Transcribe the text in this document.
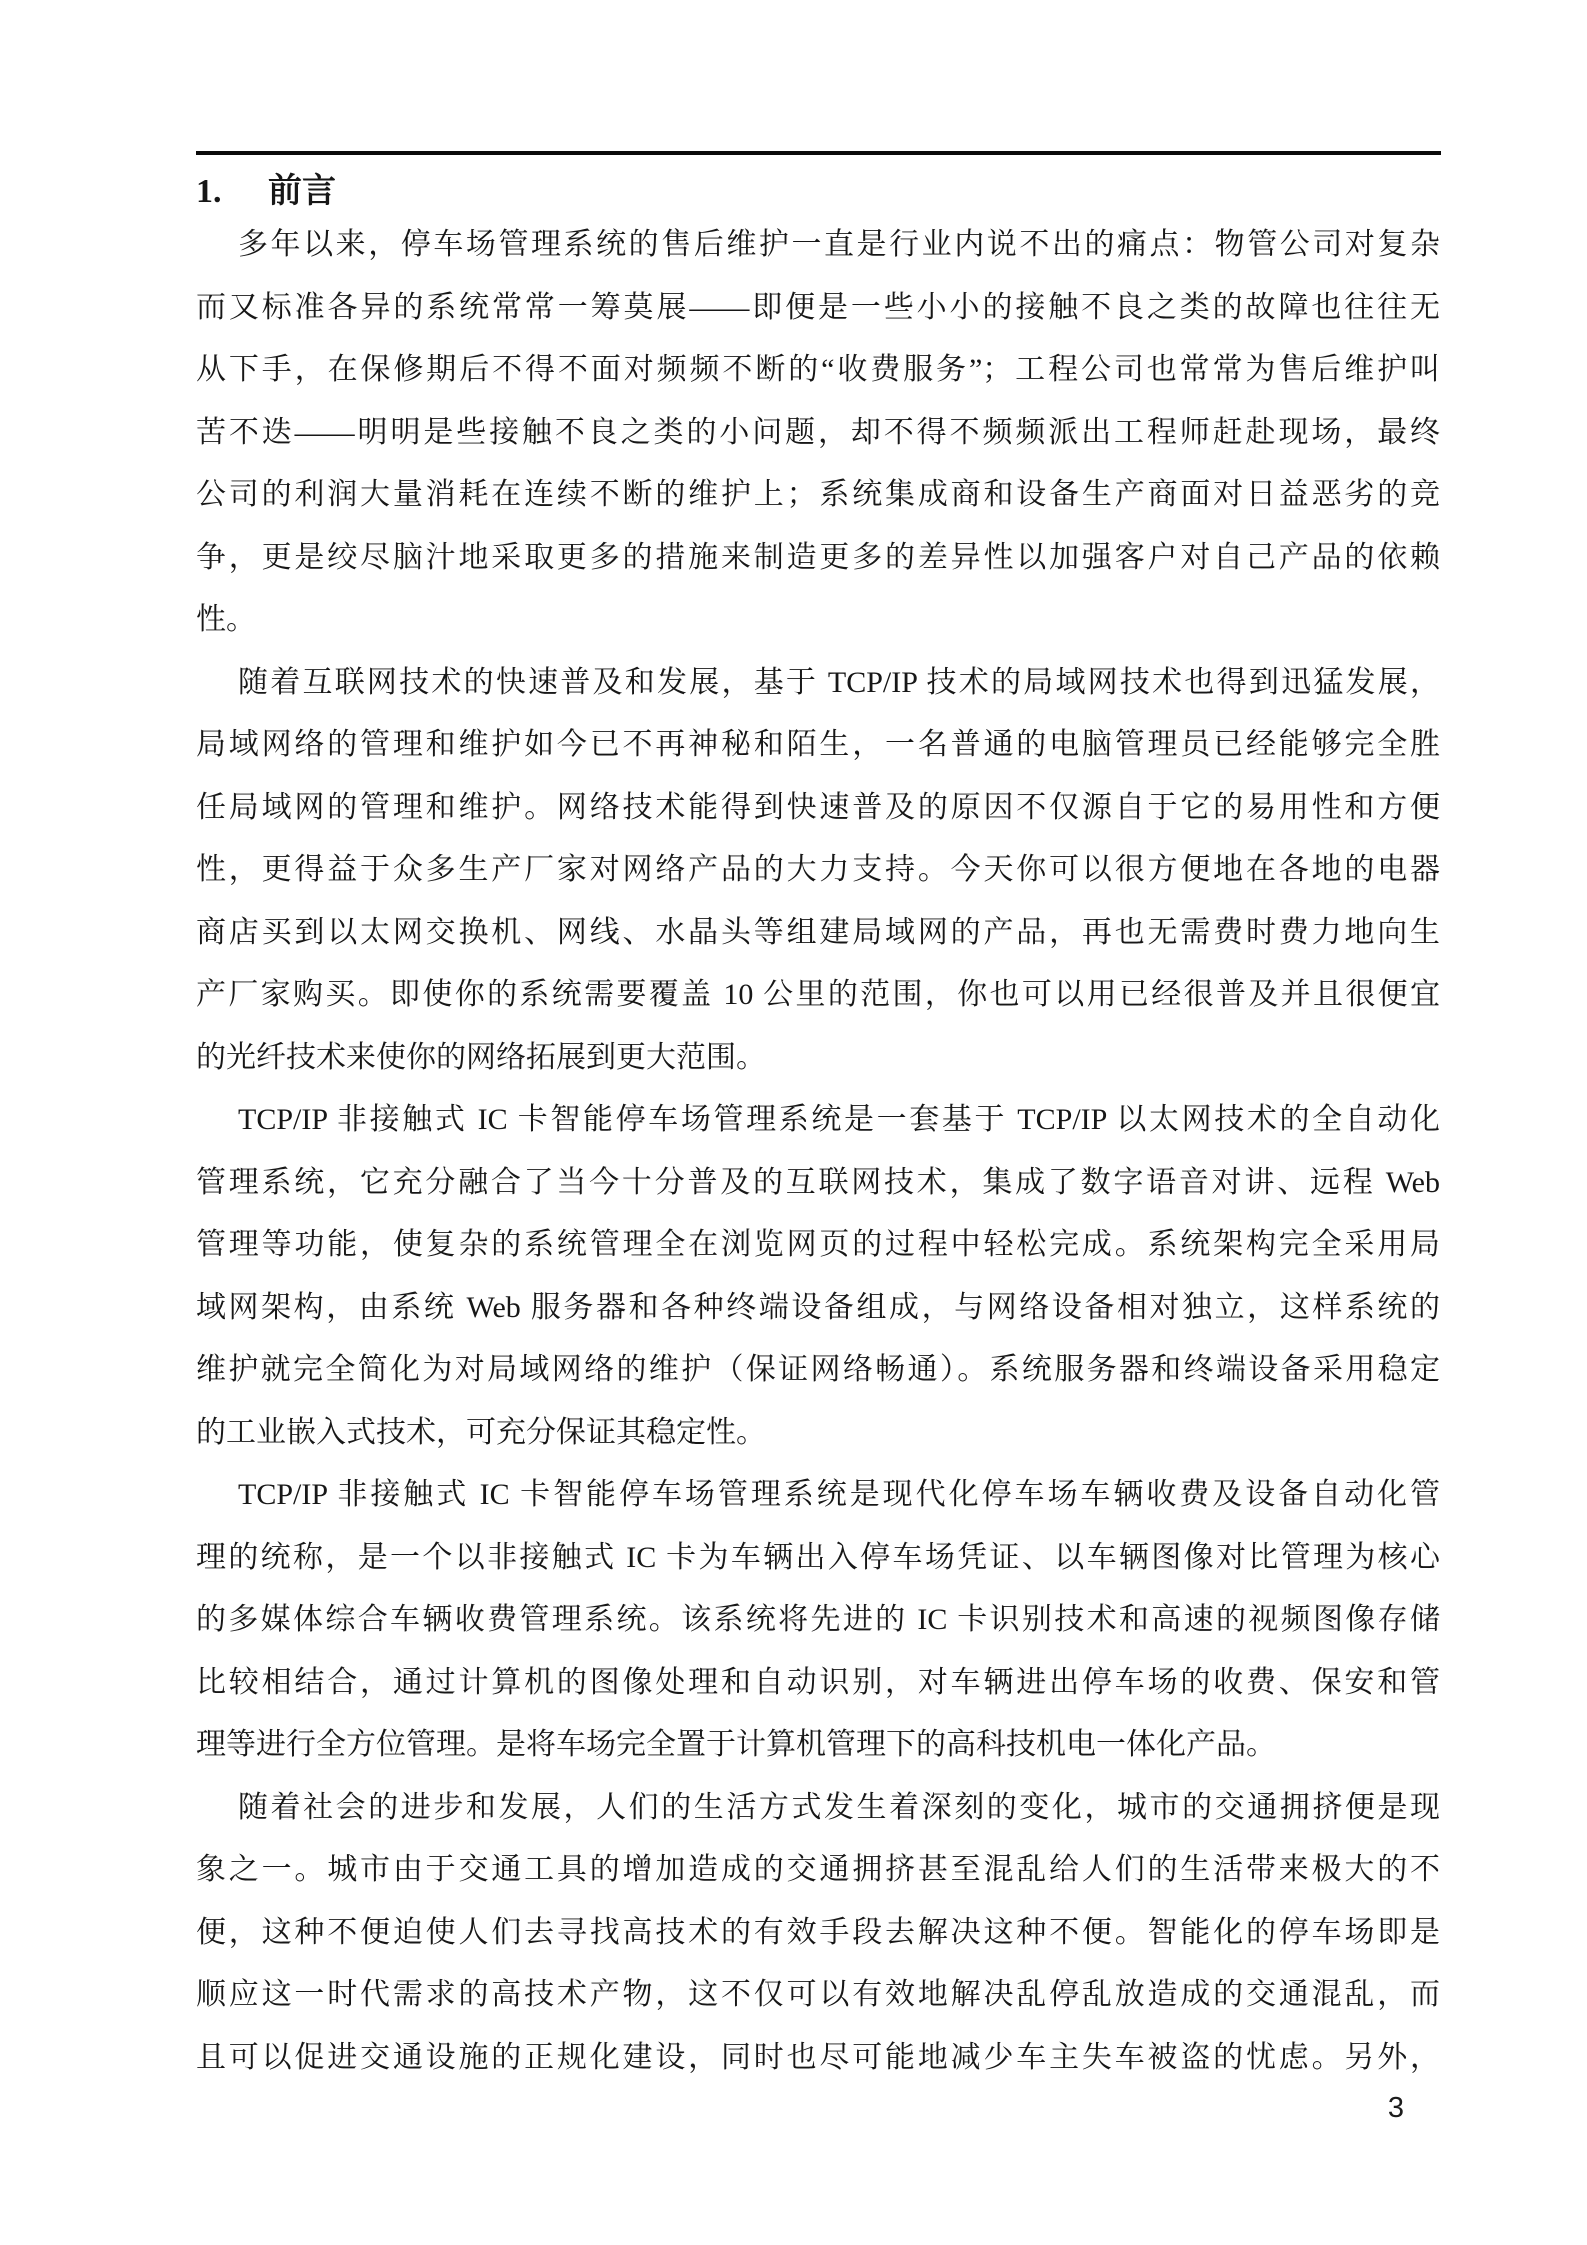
1. 前言
多年以来，停车场管理系统的售后维护一直是行业内说不出的痛点：物管公司对复杂
而又标准各异的系统常常一筹莫展——即便是一些小小的接触不良之类的故障也往往无
从下手，在保修期后不得不面对频频不断的“收费服务”；工程公司也常常为售后维护叫
苦不迭——明明是些接触不良之类的小问题，却不得不频频派出工程师赶赴现场，最终
公司的利润大量消耗在连续不断的维护上；系统集成商和设备生产商面对日益恶劣的竞
争，更是绞尽脑汁地采取更多的措施来制造更多的差异性以加强客户对自己产品的依赖
性。
随着互联网技术的快速普及和发展，基于 TCP/IP 技术的局域网技术也得到迅猛发展，
局域网络的管理和维护如今已不再神秘和陌生，一名普通的电脑管理员已经能够完全胜
任局域网的管理和维护。网络技术能得到快速普及的原因不仅源自于它的易用性和方便
性，更得益于众多生产厂家对网络产品的大力支持。今天你可以很方便地在各地的电器
商店买到以太网交换机、网线、水晶头等组建局域网的产品，再也无需费时费力地向生
产厂家购买。即使你的系统需要覆盖 10 公里的范围，你也可以用已经很普及并且很便宜
的光纤技术来使你的网络拓展到更大范围。
TCP/IP 非接触式 IC 卡智能停车场管理系统是一套基于 TCP/IP 以太网技术的全自动化
管理系统，它充分融合了当今十分普及的互联网技术，集成了数字语音对讲、远程 Web
管理等功能，使复杂的系统管理全在浏览网页的过程中轻松完成。系统架构完全采用局
域网架构，由系统 Web 服务器和各种终端设备组成，与网络设备相对独立，这样系统的
维护就完全简化为对局域网络的维护（保证网络畅通）。系统服务器和终端设备采用稳定
的工业嵌入式技术，可充分保证其稳定性。
TCP/IP 非接触式 IC 卡智能停车场管理系统是现代化停车场车辆收费及设备自动化管
理的统称，是一个以非接触式 IC 卡为车辆出入停车场凭证、以车辆图像对比管理为核心
的多媒体综合车辆收费管理系统。该系统将先进的 IC 卡识别技术和高速的视频图像存储
比较相结合，通过计算机的图像处理和自动识别，对车辆进出停车场的收费、保安和管
理等进行全方位管理。是将车场完全置于计算机管理下的高科技机电一体化产品。
随着社会的进步和发展，人们的生活方式发生着深刻的变化，城市的交通拥挤便是现
象之一。城市由于交通工具的增加造成的交通拥挤甚至混乱给人们的生活带来极大的不
便，这种不便迫使人们去寻找高技术的有效手段去解决这种不便。智能化的停车场即是
顺应这一时代需求的高技术产物，这不仅可以有效地解决乱停乱放造成的交通混乱，而
且可以促进交通设施的正规化建设，同时也尽可能地减少车主失车被盗的忧虑。另外，
3
